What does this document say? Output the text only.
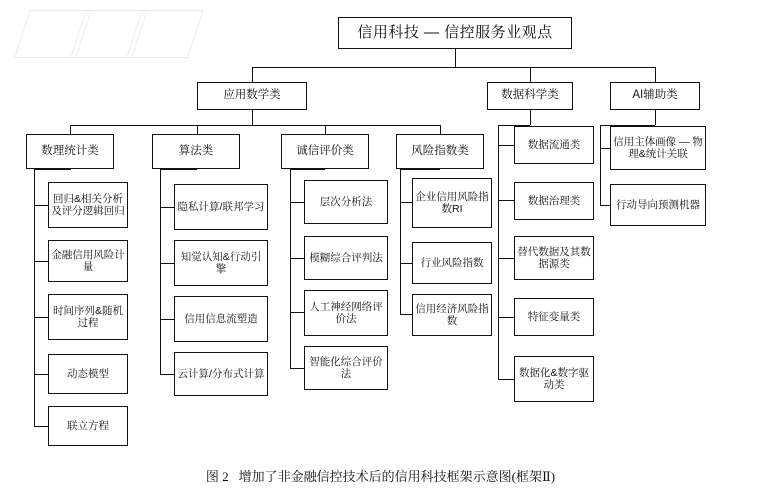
信用科技 — 信控服务业观点
应用数学类	数据科学类	AI辅助类
数理统计类	算法类	诚信评价类	风险指数类
回归&相关分析及评分逻辑回归
金融信用风险计量
时间序列&随机过程
动态模型
联立方程
隐私计算/联邦学习
知觉认知&行动引擎
信用信息流塑造
云计算/分布式计算
层次分析法
模糊综合评判法
人工神经网络评价法
智能化综合评价法
企业信用风险指数RI
行业风险指数
信用经济风险指数
数据流通类
数据治理类
替代数据及其数据源类
特征变量类
数据化&数字驱动类
信用主体画像 — 物理&统计关联
行动导向预测机器
图 2 增加了非金融信控技术后的信用科技框架示意图(框架Ⅱ)
